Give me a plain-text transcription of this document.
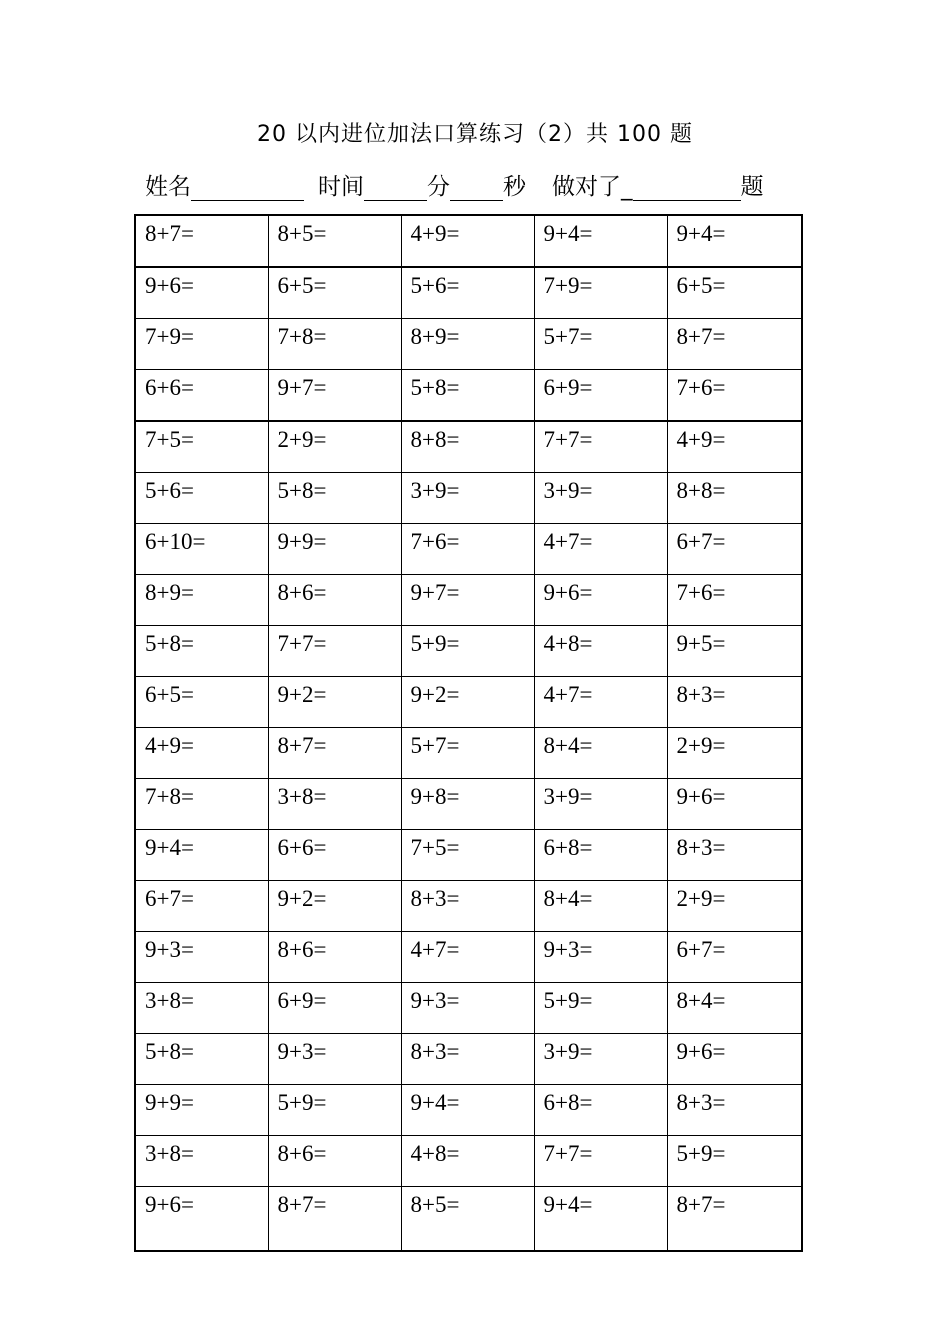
20 以内进位加法口算练习（2）共 100 题
姓名	时间	分 秒 做对了_	题
8+7=	8+5=	4+9=	9+4=	9+4=
9+6=	6+5=	5+6=	7+9=	6+5=
7+9=	7+8=	8+9=	5+7=	8+7=
6+6=	9+7=	5+8=	6+9=	7+6=
7+5=	2+9=	8+8=	7+7=	4+9=
5+6=	5+8=	3+9=	3+9=	8+8=
6+10=	9+9=	7+6=	4+7=	6+7=
8+9=	8+6=	9+7=	9+6=	7+6=
5+8=	7+7=	5+9=	4+8=	9+5=
6+5=	9+2=	9+2=	4+7=	8+3=
4+9=	8+7=	5+7=	8+4=	2+9=
7+8=	3+8=	9+8=	3+9=	9+6=
9+4=	6+6=	7+5=	6+8=	8+3=
6+7=	9+2=	8+3=	8+4=	2+9=
9+3=	8+6=	4+7=	9+3=	6+7=
3+8=	6+9=	9+3=	5+9=	8+4=
5+8=	9+3=	8+3=	3+9=	9+6=
9+9=	5+9=	9+4=	6+8=	8+3=
3+8=	8+6=	4+8=	7+7=	5+9=
9+6=	8+7=	8+5=	9+4=	8+7=
